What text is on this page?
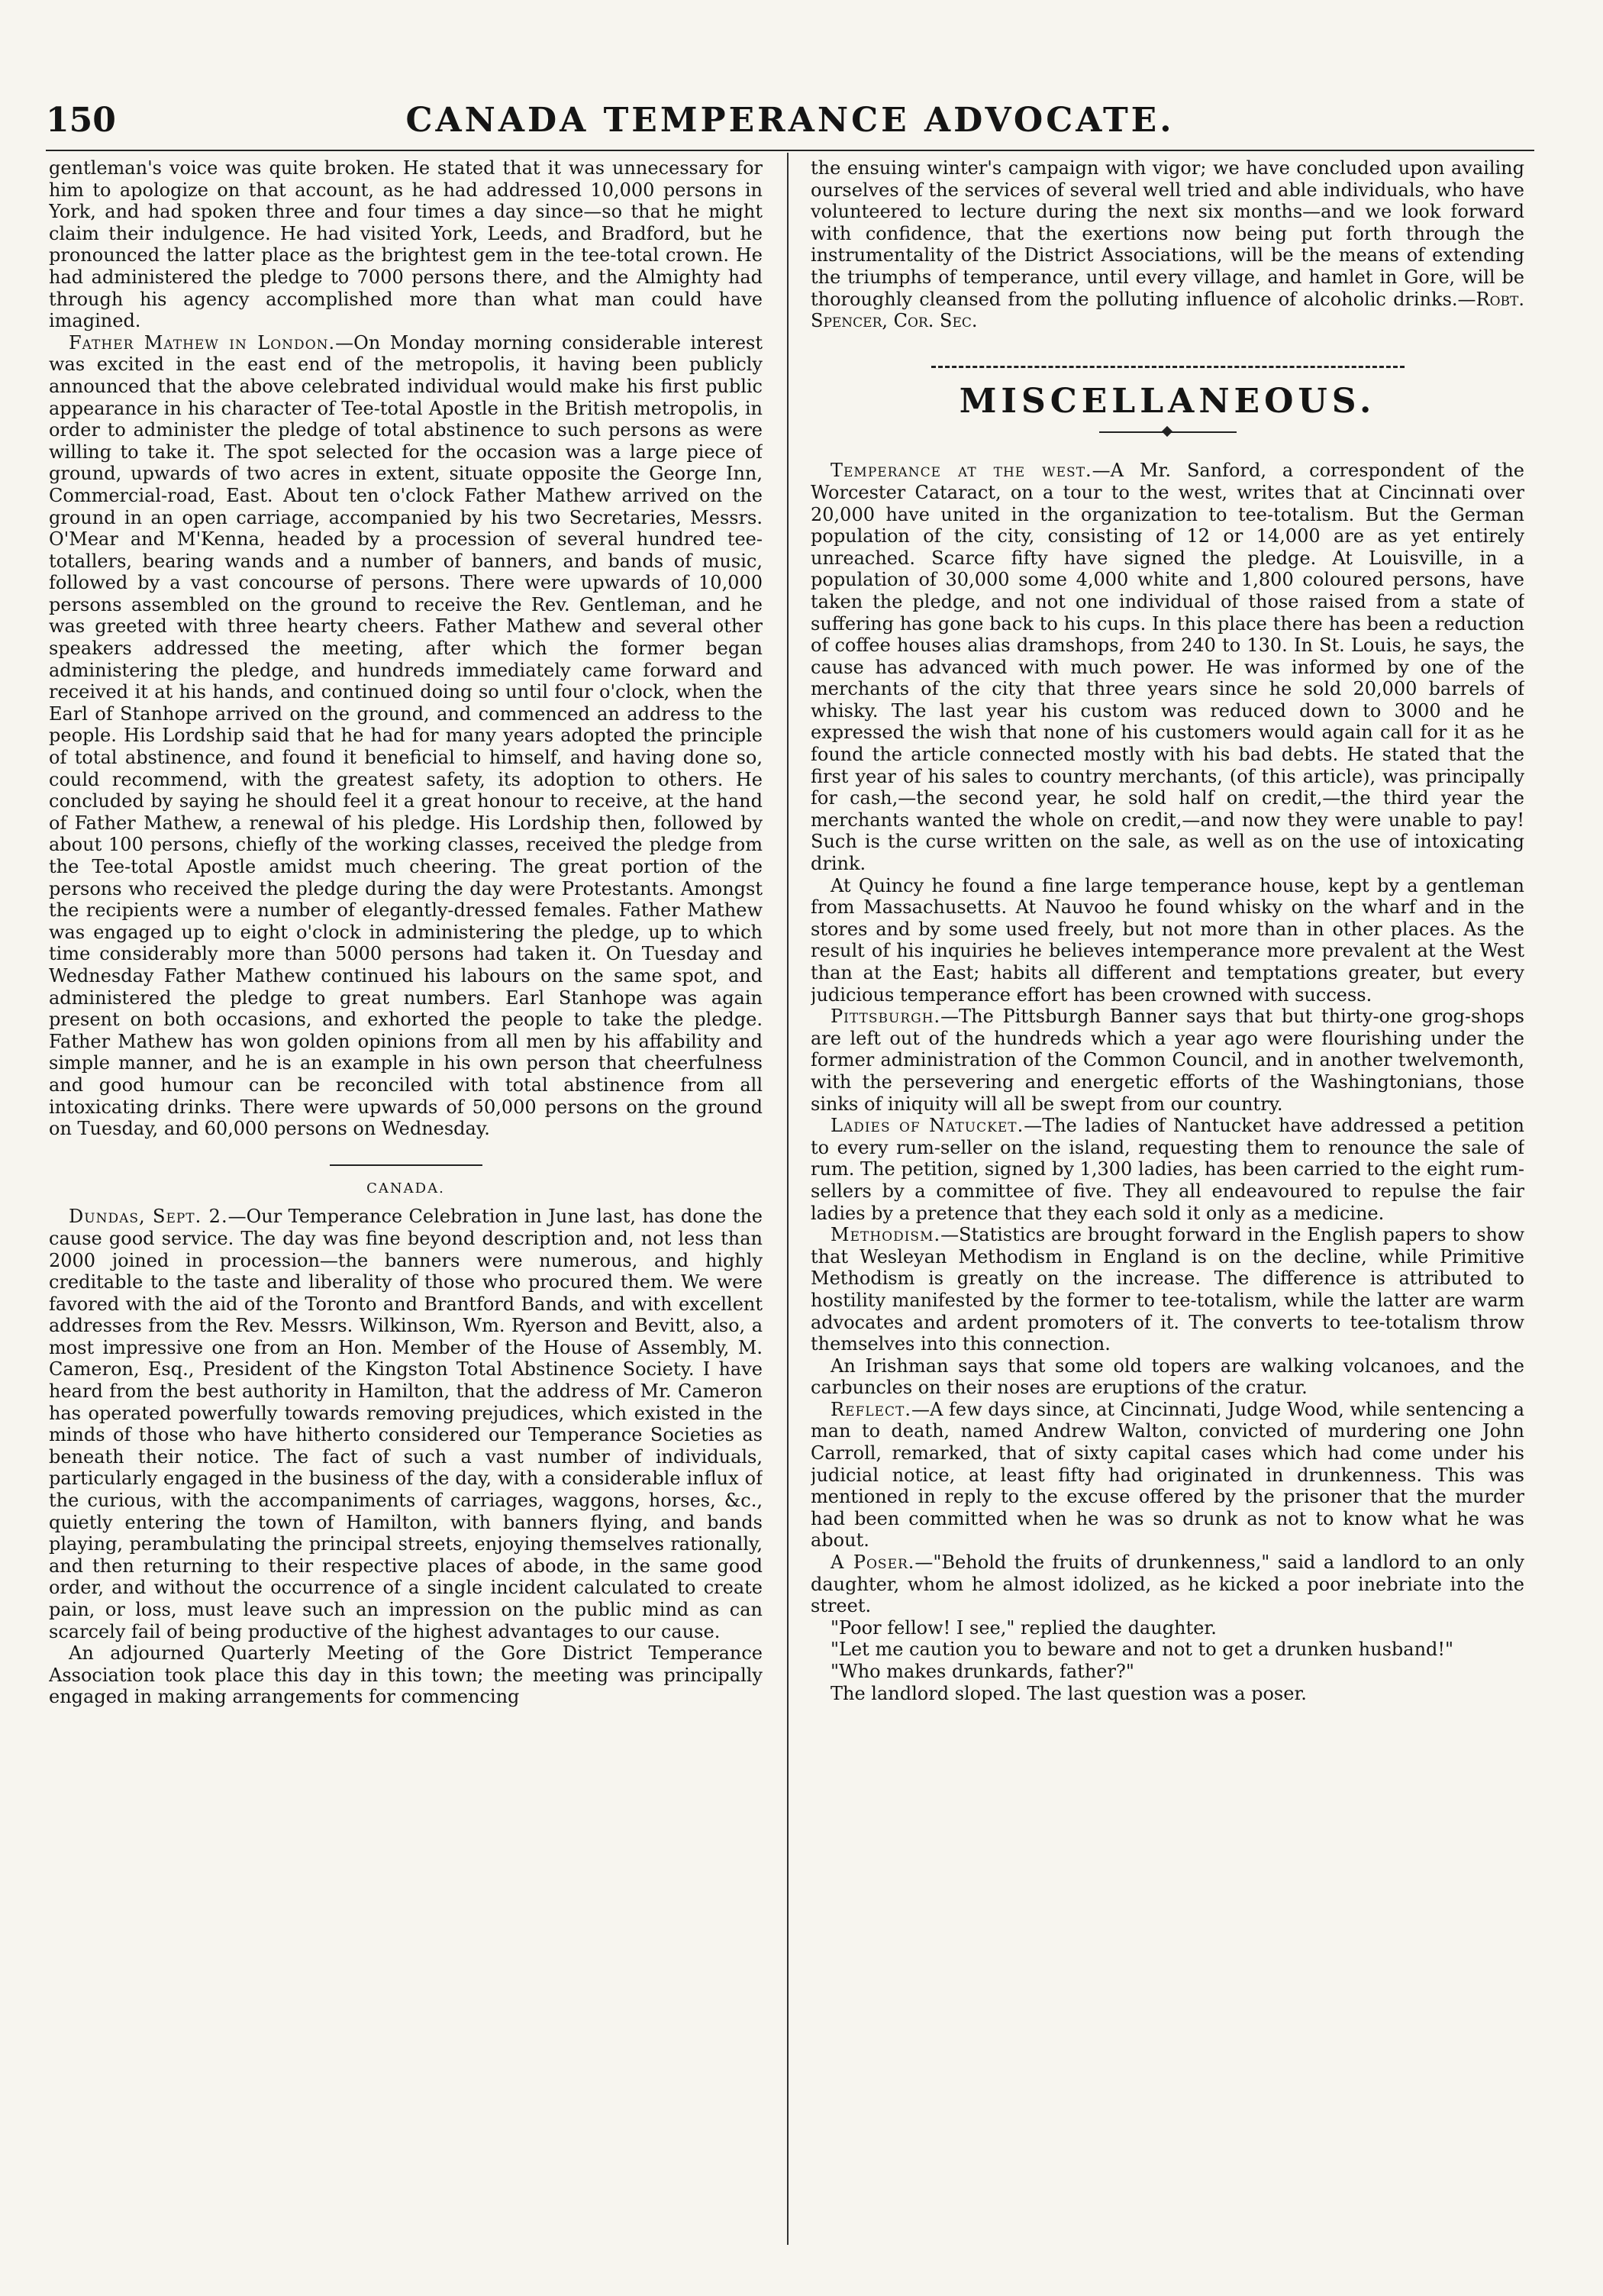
150	CANADA TEMPERANCE ADVOCATE.

gentleman's voice was quite broken. He stated that it was unnecessary for him to apologize on that account, as he had addressed 10,000 persons in York, and had spoken three and four times a day since—so that he might claim their indulgence. He had visited York, Leeds, and Bradford, but he pronounced the latter place as the brightest gem in the tee-total crown. He had administered the pledge to 7000 persons there, and the Almighty had through his agency accomplished more than what man could have imagined.

Father Mathew in London.—On Monday morning considerable interest was excited in the east end of the metropolis, it having been publicly announced that the above celebrated individual would make his first public appearance in his character of Tee-total Apostle in the British metropolis, in order to administer the pledge of total abstinence to such persons as were willing to take it. The spot selected for the occasion was a large piece of ground, upwards of two acres in extent, situate opposite the George Inn, Commercial-road, East. About ten o'clock Father Mathew arrived on the ground in an open carriage, accompanied by his two Secretaries, Messrs. O'Mear and M'Kenna, headed by a procession of several hundred tee-totallers, bearing wands and a number of banners, and bands of music, followed by a vast concourse of persons. There were upwards of 10,000 persons assembled on the ground to receive the Rev. Gentleman, and he was greeted with three hearty cheers. Father Mathew and several other speakers addressed the meeting, after which the former began administering the pledge, and hundreds immediately came forward and received it at his hands, and continued doing so until four o'clock, when the Earl of Stanhope arrived on the ground, and commenced an address to the people. His Lordship said that he had for many years adopted the principle of total abstinence, and found it beneficial to himself, and having done so, could recommend, with the greatest safety, its adoption to others. He concluded by saying he should feel it a great honour to receive, at the hand of Father Mathew, a renewal of his pledge. His Lordship then, followed by about 100 persons, chiefly of the working classes, received the pledge from the Tee-total Apostle amidst much cheering. The great portion of the persons who received the pledge during the day were Protestants. Amongst the recipients were a number of elegantly-dressed females. Father Mathew was engaged up to eight o'clock in administering the pledge, up to which time considerably more than 5000 persons had taken it. On Tuesday and Wednesday Father Mathew continued his labours on the same spot, and administered the pledge to great numbers. Earl Stanhope was again present on both occasions, and exhorted the people to take the pledge. Father Mathew has won golden opinions from all men by his affability and simple manner, and he is an example in his own person that cheerfulness and good humour can be reconciled with total abstinence from all intoxicating drinks. There were upwards of 50,000 persons on the ground on Tuesday, and 60,000 persons on Wednesday.

CANADA.

Dundas, Sept. 2.—Our Temperance Celebration in June last, has done the cause good service. The day was fine beyond description and, not less than 2000 joined in procession—the banners were numerous, and highly creditable to the taste and liberality of those who procured them. We were favored with the aid of the Toronto and Brantford Bands, and with excellent addresses from the Rev. Messrs. Wilkinson, Wm. Ryerson and Bevitt, also, a most impressive one from an Hon. Member of the House of Assembly, M. Cameron, Esq., President of the Kingston Total Abstinence Society. I have heard from the best authority in Hamilton, that the address of Mr. Cameron has operated powerfully towards removing prejudices, which existed in the minds of those who have hitherto considered our Temperance Societies as beneath their notice. The fact of such a vast number of individuals, particularly engaged in the business of the day, with a considerable influx of the curious, with the accompaniments of carriages, waggons, horses, &c., quietly entering the town of Hamilton, with banners flying, and bands playing, perambulating the principal streets, enjoying themselves rationally, and then returning to their respective places of abode, in the same good order, and without the occurrence of a single incident calculated to create pain, or loss, must leave such an impression on the public mind as can scarcely fail of being productive of the highest advantages to our cause.

An adjourned Quarterly Meeting of the Gore District Temperance Association took place this day in this town; the meeting was principally engaged in making arrangements for commencing

the ensuing winter's campaign with vigor; we have concluded upon availing ourselves of the services of several well tried and able individuals, who have volunteered to lecture during the next six months—and we look forward with confidence, that the exertions now being put forth through the instrumentality of the District Associations, will be the means of extending the triumphs of temperance, until every village, and hamlet in Gore, will be thoroughly cleansed from the polluting influence of alcoholic drinks.—Robt. Spencer, Cor. Sec.

MISCELLANEOUS.

Temperance at the west.—A Mr. Sanford, a correspondent of the Worcester Cataract, on a tour to the west, writes that at Cincinnati over 20,000 have united in the organization to tee-totalism. But the German population of the city, consisting of 12 or 14,000 are as yet entirely unreached. Scarce fifty have signed the pledge. At Louisville, in a population of 30,000 some 4,000 white and 1,800 coloured persons, have taken the pledge, and not one individual of those raised from a state of suffering has gone back to his cups. In this place there has been a reduction of coffee houses alias dramshops, from 240 to 130. In St. Louis, he says, the cause has advanced with much power. He was informed by one of the merchants of the city that three years since he sold 20,000 barrels of whisky. The last year his custom was reduced down to 3000 and he expressed the wish that none of his customers would again call for it as he found the article connected mostly with his bad debts. He stated that the first year of his sales to country merchants, (of this article), was principally for cash,—the second year, he sold half on credit,—the third year the merchants wanted the whole on credit,—and now they were unable to pay! Such is the curse written on the sale, as well as on the use of intoxicating drink.

At Quincy he found a fine large temperance house, kept by a gentleman from Massachusetts. At Nauvoo he found whisky on the wharf and in the stores and by some used freely, but not more than in other places. As the result of his inquiries he believes intemperance more prevalent at the West than at the East; habits all different and temptations greater, but every judicious temperance effort has been crowned with success.

Pittsburgh.—The Pittsburgh Banner says that but thirty-one grog-shops are left out of the hundreds which a year ago were flourishing under the former administration of the Common Council, and in another twelvemonth, with the persevering and energetic efforts of the Washingtonians, those sinks of iniquity will all be swept from our country.

Ladies of Natucket.—The ladies of Nantucket have addressed a petition to every rum-seller on the island, requesting them to renounce the sale of rum. The petition, signed by 1,300 ladies, has been carried to the eight rum-sellers by a committee of five. They all endeavoured to repulse the fair ladies by a pretence that they each sold it only as a medicine.

Methodism.—Statistics are brought forward in the English papers to show that Wesleyan Methodism in England is on the decline, while Primitive Methodism is greatly on the increase. The difference is attributed to hostility manifested by the former to tee-totalism, while the latter are warm advocates and ardent promoters of it. The converts to tee-totalism throw themselves into this connection.

An Irishman says that some old topers are walking volcanoes, and the carbuncles on their noses are eruptions of the cratur.

Reflect.—A few days since, at Cincinnati, Judge Wood, while sentencing a man to death, named Andrew Walton, convicted of murdering one John Carroll, remarked, that of sixty capital cases which had come under his judicial notice, at least fifty had originated in drunkenness. This was mentioned in reply to the excuse offered by the prisoner that the murder had been committed when he was so drunk as not to know what he was about.

A Poser.—"Behold the fruits of drunkenness," said a landlord to an only daughter, whom he almost idolized, as he kicked a poor inebriate into the street.

"Poor fellow! I see," replied the daughter.

"Let me caution you to beware and not to get a drunken husband!"

"Who makes drunkards, father?"

The landlord sloped. The last question was a poser.
